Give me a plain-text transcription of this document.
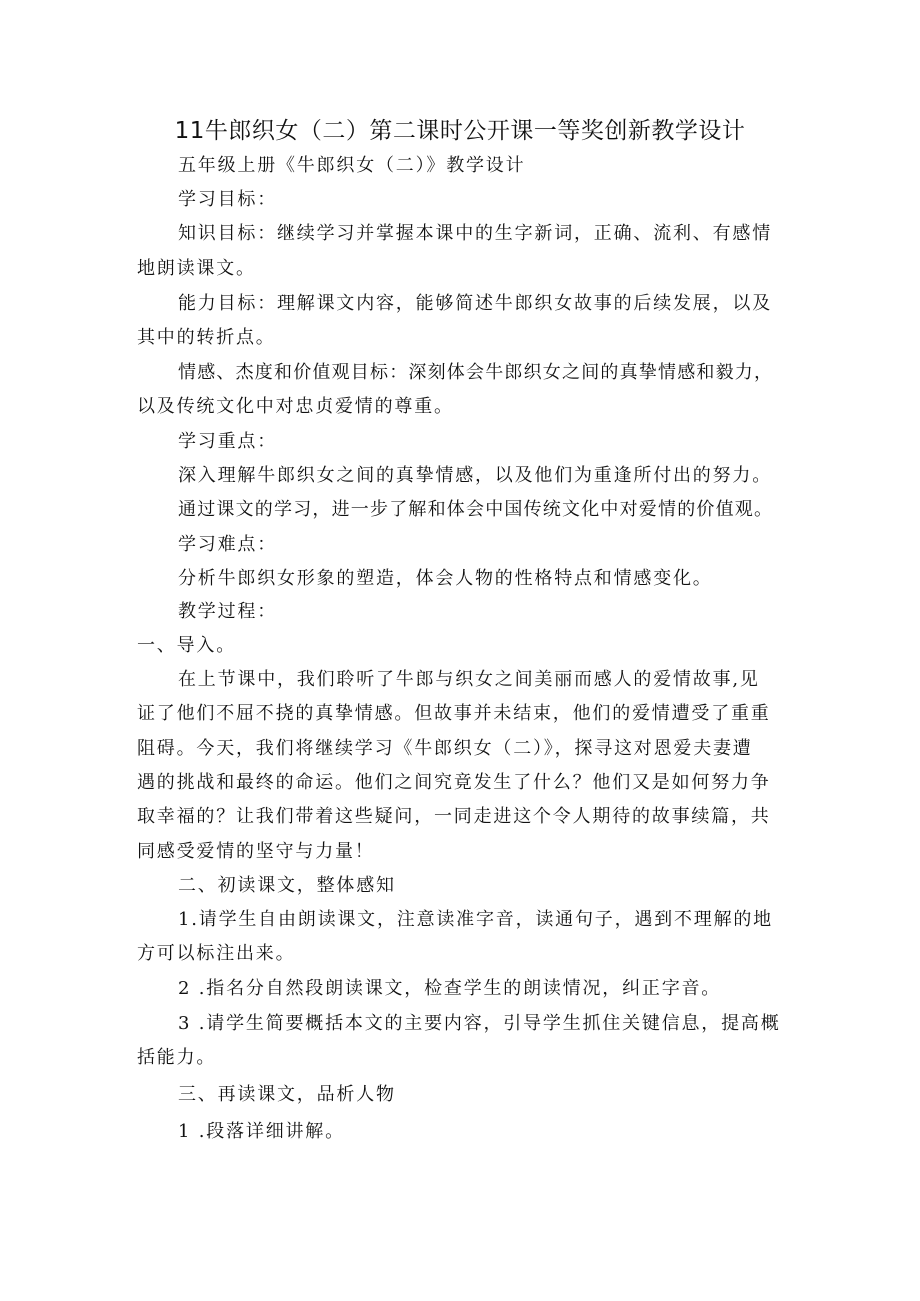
11牛郎织女（二）第二课时公开课一等奖创新教学设计
五年级上册《牛郎织女（二）》教学设计
学习目标：
知识目标：继续学习并掌握本课中的生字新词，正确、流利、有感情
地朗读课文。
能力目标：理解课文内容，能够简述牛郎织女故事的后续发展，以及
其中的转折点。
情感、杰度和价值观目标：深刻体会牛郎织女之间的真挚情感和毅力，
以及传统文化中对忠贞爱情的尊重。
学习重点：
深入理解牛郎织女之间的真挚情感，以及他们为重逢所付出的努力。
通过课文的学习，进一步了解和体会中国传统文化中对爱情的价值观。
学习难点：
分析牛郎织女形象的塑造，体会人物的性格特点和情感变化。
教学过程：
一、导入。
在上节课中，我们聆听了牛郎与织女之间美丽而感人的爱情故事,见
证了他们不屈不挠的真挚情感。但故事并未结束，他们的爱情遭受了重重
阻碍。今天，我们将继续学习《牛郎织女（二）》，探寻这对恩爱夫妻遭
遇的挑战和最终的命运。他们之间究竟发生了什么？他们又是如何努力争
取幸福的？让我们带着这些疑问，一同走进这个令人期待的故事续篇，共
同感受爱情的坚守与力量！
二、初读课文，整体感知
1.请学生自由朗读课文，注意读准字音，读通句子，遇到不理解的地
方可以标注出来。
2 .指名分自然段朗读课文，检查学生的朗读情况，纠正字音。
3 .请学生简要概括本文的主要内容，引导学生抓住关键信息，提高概
括能力。
三、再读课文，品析人物
1 .段落详细讲解。
